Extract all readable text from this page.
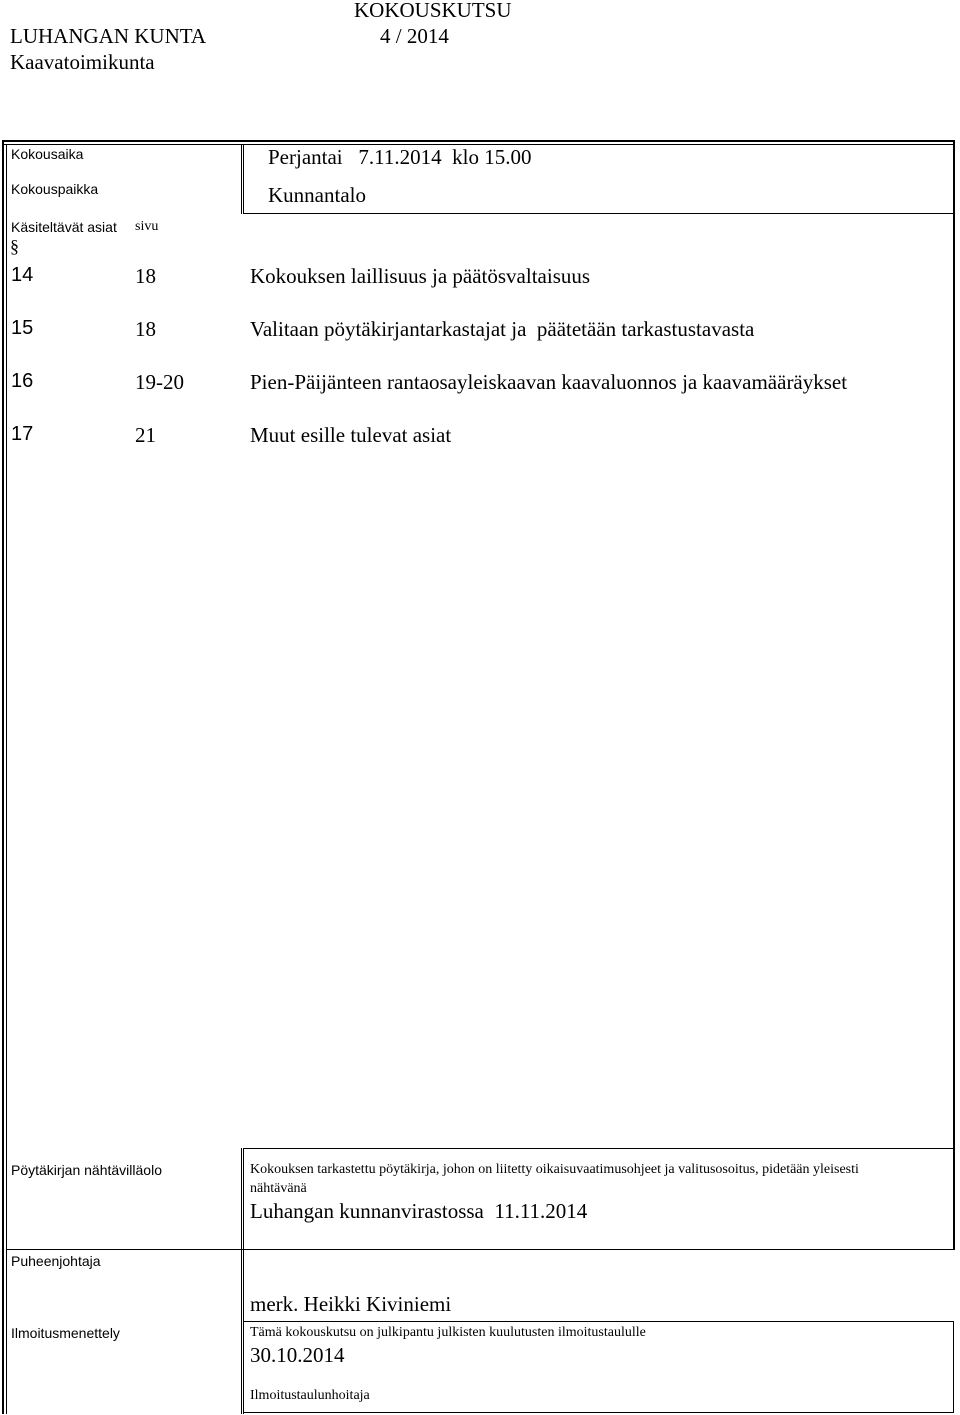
KOKOUSKUTSU
LUHANGAN KUNTA	4 / 2014
Kaavatoimikunta
Kokousaika	Perjantai   7.11.2014  klo 15.00
Kokouspaikka	Kunnantalo
Käsiteltävät asiat sivu
§
14	18	Kokouksen laillisuus ja päätösvaltaisuus
15	18	Valitaan pöytäkirjantarkastajat ja  päätetään tarkastustavasta
16	19-20	Pien-Päijänteen rantaosayleiskaavan kaavaluonnos ja kaavamääräykset
17	21	Muut esille tulevat asiat
Pöytäkirjan nähtävilläolo	Kokouksen tarkastettu pöytäkirja, johon on liitetty oikaisuvaatimusohjeet ja valitusosoitus, pidetään yleisesti
nähtävänä
Luhangan kunnanvirastossa  11.11.2014
Puheenjohtaja
merk. Heikki Kiviniemi
Ilmoitusmenettely	Tämä kokouskutsu on julkipantu julkisten kuulutusten ilmoitustaululle
30.10.2014
Ilmoitustaulunhoitaja
